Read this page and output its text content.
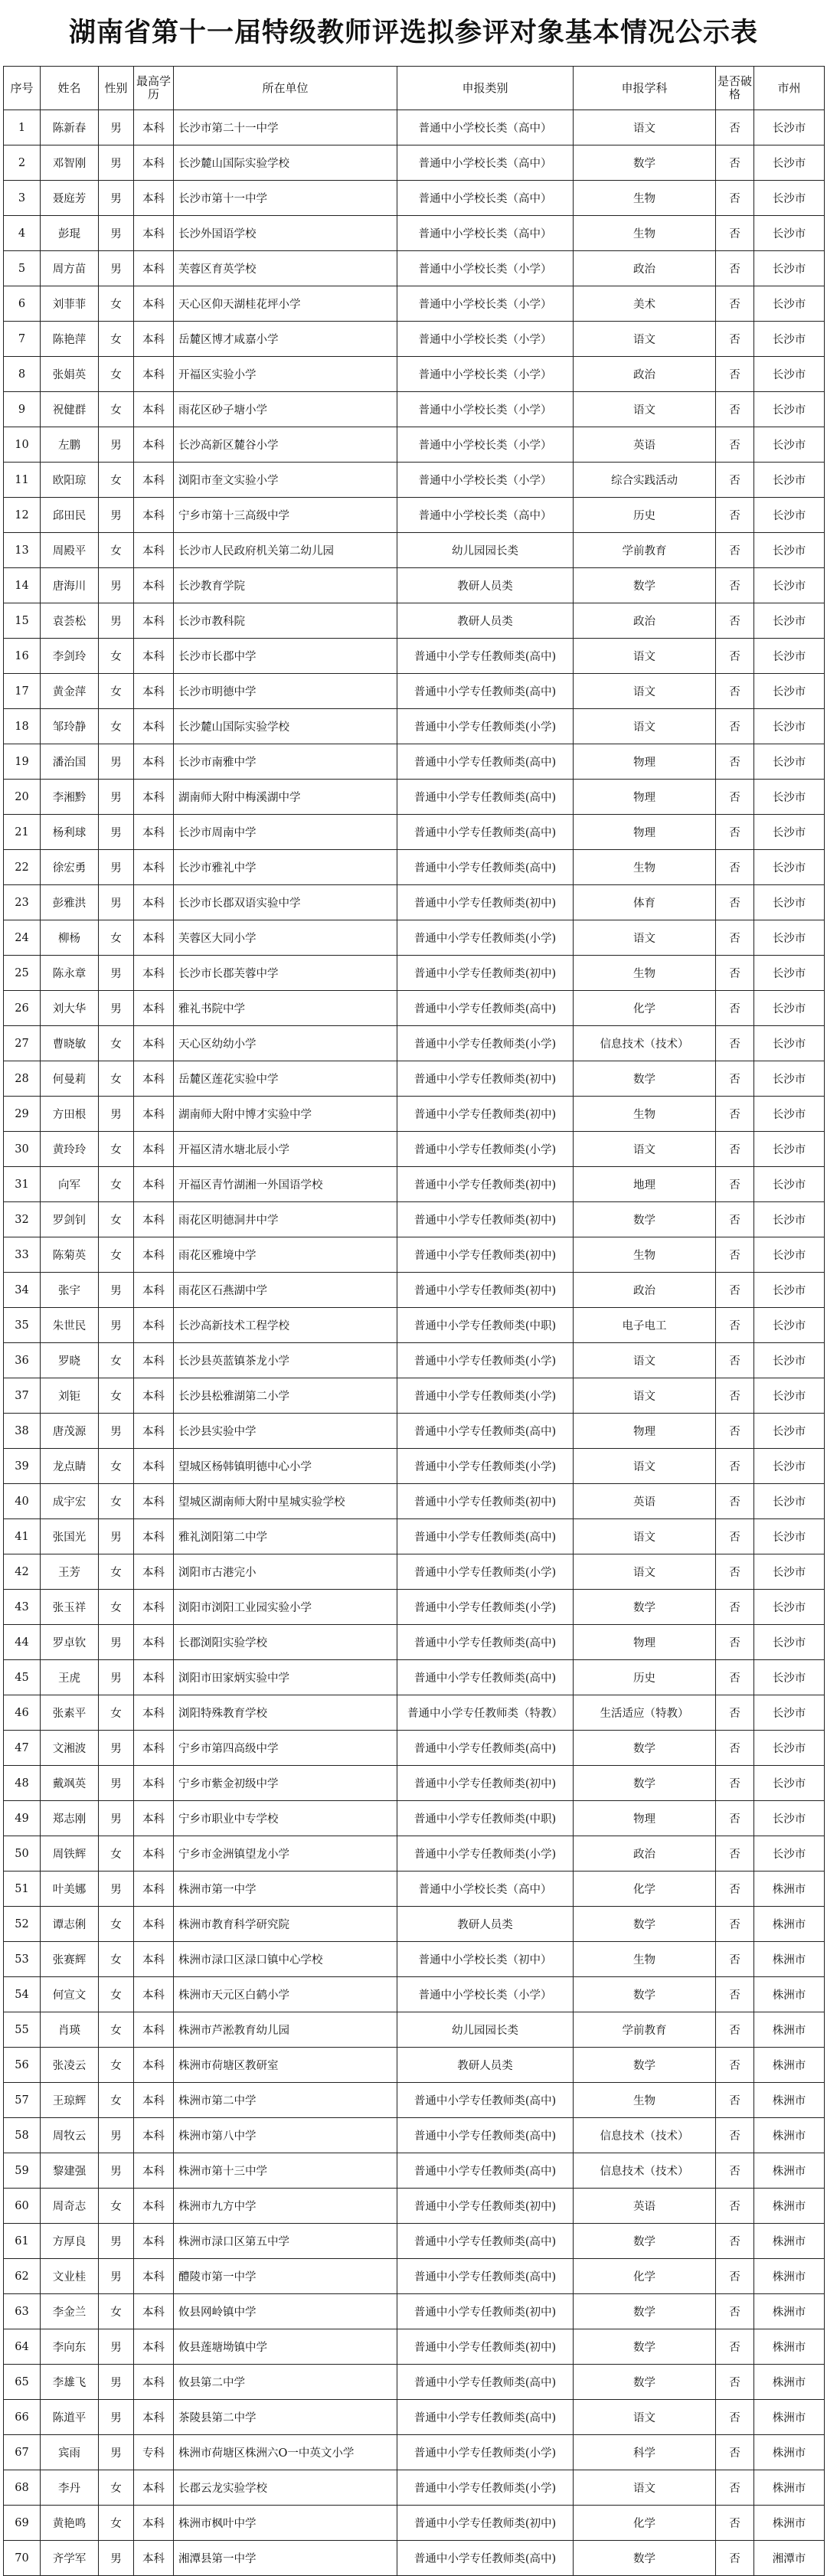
湖南省第十一届特级教师评选拟参评对象基本情况公示表
序号	姓名	性别	最高学历	所在单位	申报类别	申报学科	是否破格	市州
1	陈新春	男	本科	长沙市第二十一中学	普通中小学校长类（高中）	语文	否	长沙市
2	邓智刚	男	本科	长沙麓山国际实验学校	普通中小学校长类（高中）	数学	否	长沙市
3	聂庭芳	男	本科	长沙市第十一中学	普通中小学校长类（高中）	生物	否	长沙市
4	彭琨	男	本科	长沙外国语学校	普通中小学校长类（高中）	生物	否	长沙市
5	周方苗	男	本科	芙蓉区育英学校	普通中小学校长类（小学）	政治	否	长沙市
6	刘菲菲	女	本科	天心区仰天湖桂花坪小学	普通中小学校长类（小学）	美术	否	长沙市
7	陈艳萍	女	本科	岳麓区博才咸嘉小学	普通中小学校长类（小学）	语文	否	长沙市
8	张娟英	女	本科	开福区实验小学	普通中小学校长类（小学）	政治	否	长沙市
9	祝健群	女	本科	雨花区砂子塘小学	普通中小学校长类（小学）	语文	否	长沙市
10	左鹏	男	本科	长沙高新区麓谷小学	普通中小学校长类（小学）	英语	否	长沙市
11	欧阳琼	女	本科	浏阳市奎文实验小学	普通中小学校长类（小学）	综合实践活动	否	长沙市
12	邱田民	男	本科	宁乡市第十三高级中学	普通中小学校长类（高中）	历史	否	长沙市
13	周殿平	女	本科	长沙市人民政府机关第二幼儿园	幼儿园园长类	学前教育	否	长沙市
14	唐海川	男	本科	长沙教育学院	教研人员类	数学	否	长沙市
15	袁荟松	男	本科	长沙市教科院	教研人员类	政治	否	长沙市
16	李剑玲	女	本科	长沙市长郡中学	普通中小学专任教师类(高中)	语文	否	长沙市
17	黄金萍	女	本科	长沙市明德中学	普通中小学专任教师类(高中)	语文	否	长沙市
18	邹玲静	女	本科	长沙麓山国际实验学校	普通中小学专任教师类(小学)	语文	否	长沙市
19	潘治国	男	本科	长沙市南雅中学	普通中小学专任教师类(高中)	物理	否	长沙市
20	李湘黔	男	本科	湖南师大附中梅溪湖中学	普通中小学专任教师类(高中)	物理	否	长沙市
21	杨利球	男	本科	长沙市周南中学	普通中小学专任教师类(高中)	物理	否	长沙市
22	徐宏勇	男	本科	长沙市雅礼中学	普通中小学专任教师类(高中)	生物	否	长沙市
23	彭雅洪	男	本科	长沙市长郡双语实验中学	普通中小学专任教师类(初中)	体育	否	长沙市
24	柳杨	女	本科	芙蓉区大同小学	普通中小学专任教师类(小学)	语文	否	长沙市
25	陈永章	男	本科	长沙市长郡芙蓉中学	普通中小学专任教师类(初中)	生物	否	长沙市
26	刘大华	男	本科	雅礼书院中学	普通中小学专任教师类(高中)	化学	否	长沙市
27	曹晓敏	女	本科	天心区幼幼小学	普通中小学专任教师类(小学)	信息技术（技术）	否	长沙市
28	何曼莉	女	本科	岳麓区莲花实验中学	普通中小学专任教师类(初中)	数学	否	长沙市
29	方田根	男	本科	湖南师大附中博才实验中学	普通中小学专任教师类(初中)	生物	否	长沙市
30	黄玲玲	女	本科	开福区清水塘北辰小学	普通中小学专任教师类(小学)	语文	否	长沙市
31	向军	女	本科	开福区青竹湖湘一外国语学校	普通中小学专任教师类(初中)	地理	否	长沙市
32	罗剑钊	女	本科	雨花区明德洞井中学	普通中小学专任教师类(初中)	数学	否	长沙市
33	陈菊英	女	本科	雨花区雅境中学	普通中小学专任教师类(初中)	生物	否	长沙市
34	张宇	男	本科	雨花区石燕湖中学	普通中小学专任教师类(初中)	政治	否	长沙市
35	朱世民	男	本科	长沙高新技术工程学校	普通中小学专任教师类(中职)	电子电工	否	长沙市
36	罗晓	女	本科	长沙县英蓝镇茶龙小学	普通中小学专任教师类(小学)	语文	否	长沙市
37	刘钜	女	本科	长沙县松雅湖第二小学	普通中小学专任教师类(小学)	语文	否	长沙市
38	唐茂源	男	本科	长沙县实验中学	普通中小学专任教师类(高中)	物理	否	长沙市
39	龙点睛	女	本科	望城区杨韩镇明德中心小学	普通中小学专任教师类(小学)	语文	否	长沙市
40	成宇宏	女	本科	望城区湖南师大附中星城实验学校	普通中小学专任教师类(初中)	英语	否	长沙市
41	张国光	男	本科	雅礼浏阳第二中学	普通中小学专任教师类(高中)	语文	否	长沙市
42	王芳	女	本科	浏阳市古港完小	普通中小学专任教师类(小学)	语文	否	长沙市
43	张玉祥	女	本科	浏阳市浏阳工业园实验小学	普通中小学专任教师类(小学)	数学	否	长沙市
44	罗卓钦	男	本科	长郡浏阳实验学校	普通中小学专任教师类(高中)	物理	否	长沙市
45	王虎	男	本科	浏阳市田家炳实验中学	普通中小学专任教师类(高中)	历史	否	长沙市
46	张素平	女	本科	浏阳特殊教育学校	普通中小学专任教师类（特教）	生活适应（特教）	否	长沙市
47	文湘波	男	本科	宁乡市第四高级中学	普通中小学专任教师类(高中)	数学	否	长沙市
48	戴飒英	男	本科	宁乡市紫金初级中学	普通中小学专任教师类(初中)	数学	否	长沙市
49	郑志刚	男	本科	宁乡市职业中专学校	普通中小学专任教师类(中职)	物理	否	长沙市
50	周铁辉	女	本科	宁乡市金洲镇望龙小学	普通中小学专任教师类(小学)	政治	否	长沙市
51	叶美娜	男	本科	株洲市第一中学	普通中小学校长类（高中）	化学	否	株洲市
52	谭志俐	女	本科	株洲市教育科学研究院	教研人员类	数学	否	株洲市
53	张赛辉	女	本科	株洲市渌口区渌口镇中心学校	普通中小学校长类（初中）	生物	否	株洲市
54	何宣文	女	本科	株洲市天元区白鹤小学	普通中小学校长类（小学）	数学	否	株洲市
55	肖瑛	女	本科	株洲市芦淞教育幼儿园	幼儿园园长类	学前教育	否	株洲市
56	张凌云	女	本科	株洲市荷塘区教研室	教研人员类	数学	否	株洲市
57	王琼辉	女	本科	株洲市第二中学	普通中小学专任教师类(高中)	生物	否	株洲市
58	周牧云	男	本科	株洲市第八中学	普通中小学专任教师类(高中)	信息技术（技术）	否	株洲市
59	黎建强	男	本科	株洲市第十三中学	普通中小学专任教师类(高中)	信息技术（技术）	否	株洲市
60	周奇志	女	本科	株洲市九方中学	普通中小学专任教师类(初中)	英语	否	株洲市
61	方厚良	男	本科	株洲市渌口区第五中学	普通中小学专任教师类(高中)	数学	否	株洲市
62	文业桂	男	本科	醴陵市第一中学	普通中小学专任教师类(高中)	化学	否	株洲市
63	李金兰	女	本科	攸县网岭镇中学	普通中小学专任教师类(初中)	数学	否	株洲市
64	李向东	男	本科	攸县莲塘坳镇中学	普通中小学专任教师类(初中)	数学	否	株洲市
65	李雄飞	男	本科	攸县第二中学	普通中小学专任教师类(高中)	数学	否	株洲市
66	陈道平	男	本科	茶陵县第二中学	普通中小学专任教师类(高中)	语文	否	株洲市
67	宾雨	男	专科	株洲市荷塘区株洲六O一中英文小学	普通中小学专任教师类(小学)	科学	否	株洲市
68	李丹	女	本科	长郡云龙实验学校	普通中小学专任教师类(小学)	语文	否	株洲市
69	黄艳鸣	女	本科	株洲市枫叶中学	普通中小学专任教师类(初中)	化学	否	株洲市
70	齐学军	男	本科	湘潭县第一中学	普通中小学专任教师类(高中)	数学	否	湘潭市
